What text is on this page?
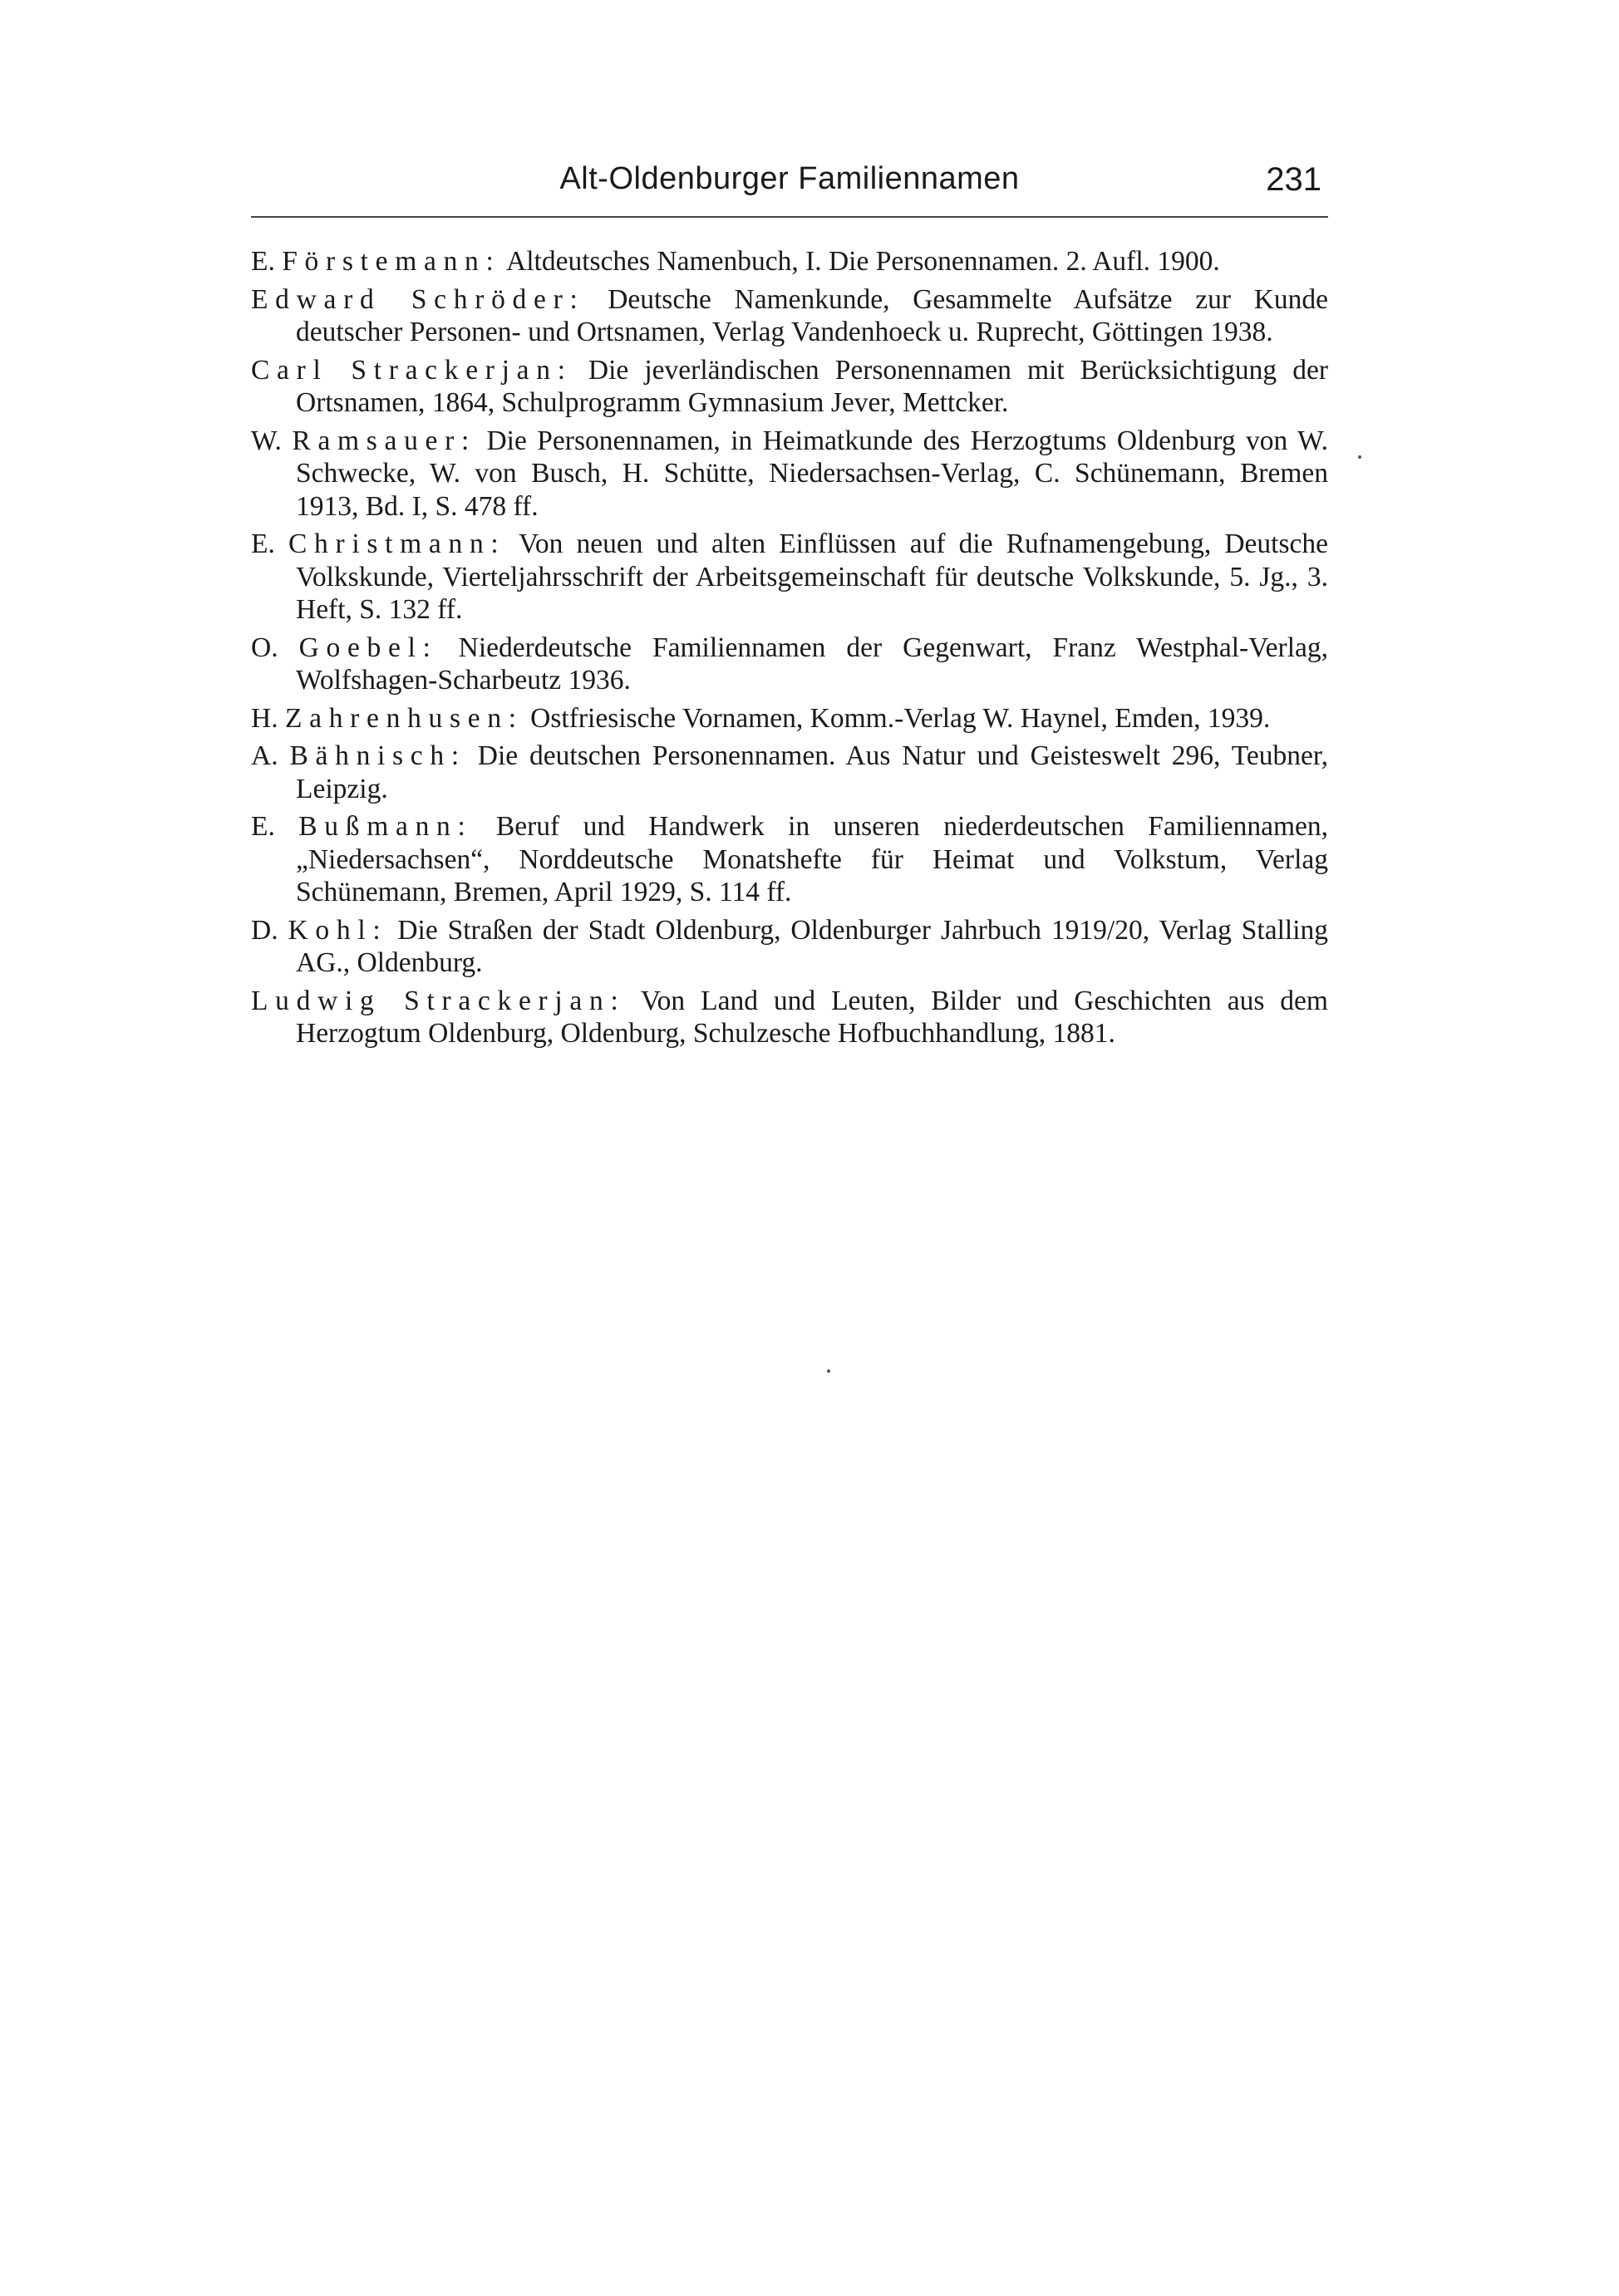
Alt-Oldenburger Familiennamen	231
E. Förstemann: Altdeutsches Namenbuch, I. Die Personennamen. 2. Aufl. 1900.
Edward Schröder: Deutsche Namenkunde, Gesammelte Aufsätze zur Kunde deutscher Personen- und Ortsnamen, Verlag Vandenhoeck u. Ruprecht, Göttingen 1938.
Carl Strackerjan: Die jeverländischen Personennamen mit Berücksichtigung der Ortsnamen, 1864, Schulprogramm Gymnasium Jever, Mettcker.
W. Ramsauer: Die Personennamen, in Heimatkunde des Herzogtums Oldenburg von W. Schwecke, W. von Busch, H. Schütte, Niedersachsen-Verlag, C. Schünemann, Bremen 1913, Bd. I, S. 478 ff.
E. Christmann: Von neuen und alten Einflüssen auf die Rufnamengebung, Deutsche Volkskunde, Vierteljahrsschrift der Arbeitsgemeinschaft für deutsche Volkskunde, 5. Jg., 3. Heft, S. 132 ff.
O. Goebel: Niederdeutsche Familiennamen der Gegenwart, Franz Westphal-Verlag, Wolfshagen-Scharbeutz 1936.
H. Zahrenhusen: Ostfriesische Vornamen, Komm.-Verlag W. Haynel, Emden, 1939.
A. Bähnisch: Die deutschen Personennamen. Aus Natur und Geisteswelt 296, Teubner, Leipzig.
E. Bußmann: Beruf und Handwerk in unseren niederdeutschen Familiennamen, „Niedersachsen“, Norddeutsche Monatshefte für Heimat und Volkstum, Verlag Schünemann, Bremen, April 1929, S. 114 ff.
D. Kohl: Die Straßen der Stadt Oldenburg, Oldenburger Jahrbuch 1919/20, Verlag Stalling AG., Oldenburg.
Ludwig Strackerjan: Von Land und Leuten, Bilder und Geschichten aus dem Herzogtum Oldenburg, Oldenburg, Schulzesche Hofbuchhandlung, 1881.
